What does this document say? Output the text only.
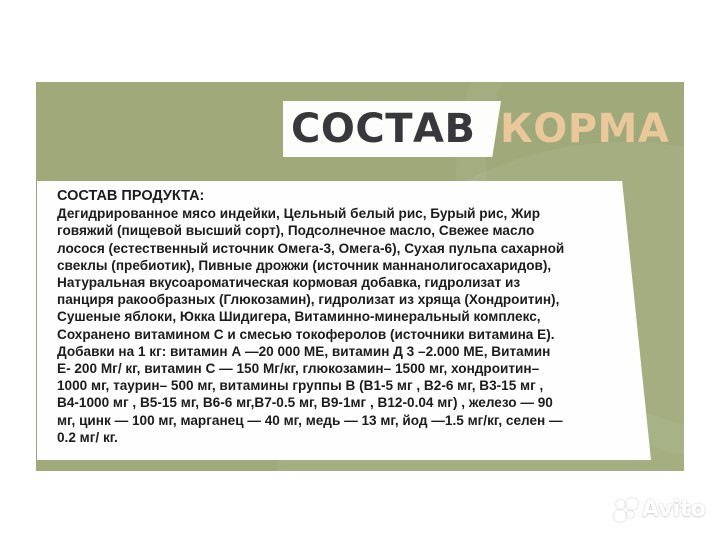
СОСТАВ КОРМА
СОСТАВ ПРОДУКТА:
Дегидрированное мясо индейки, Цельный белый рис, Бурый рис, Жир
говяжий (пищевой высший сорт), Подсолнечное масло, Свежее масло
лосося (естественный источник Омега-3, Омега-6), Сухая пульпа сахарной
свеклы (пребиотик), Пивные дрожжи (источник маннанолигосахаридов),
Натуральная вкусоароматическая кормовая добавка, гидролизат из
панциря ракообразных (Глюкозамин), гидролизат из хряща (Хондроитин),
Сушеные яблоки, Юкка Шидигера, Витаминно-минеральный комплекс,
Сохранено витамином С и смесью токоферолов (источники витамина Е).
Добавки на 1 кг: витамин А —20 000 МЕ, витамин Д 3 –2.000 МЕ, Витамин
Е- 200 Мг/ кг, витамин С — 150 Мг/кг, глюкозамин– 1500 мг, хондроитин–
1000 мг, таурин– 500 мг, витамины группы В (В1-5 мг , В2-6 мг, В3-15 мг ,
В4-1000 мг , В5-15 мг, В6-6 мг,В7-0.5 мг, В9-1мг , В12-0.04 мг) , железо — 90
мг, цинк — 100 мг, марганец — 40 мг, медь — 13 мг, йод —1.5 мг/кг, селен —
0.2 мг/ кг.
Avito
